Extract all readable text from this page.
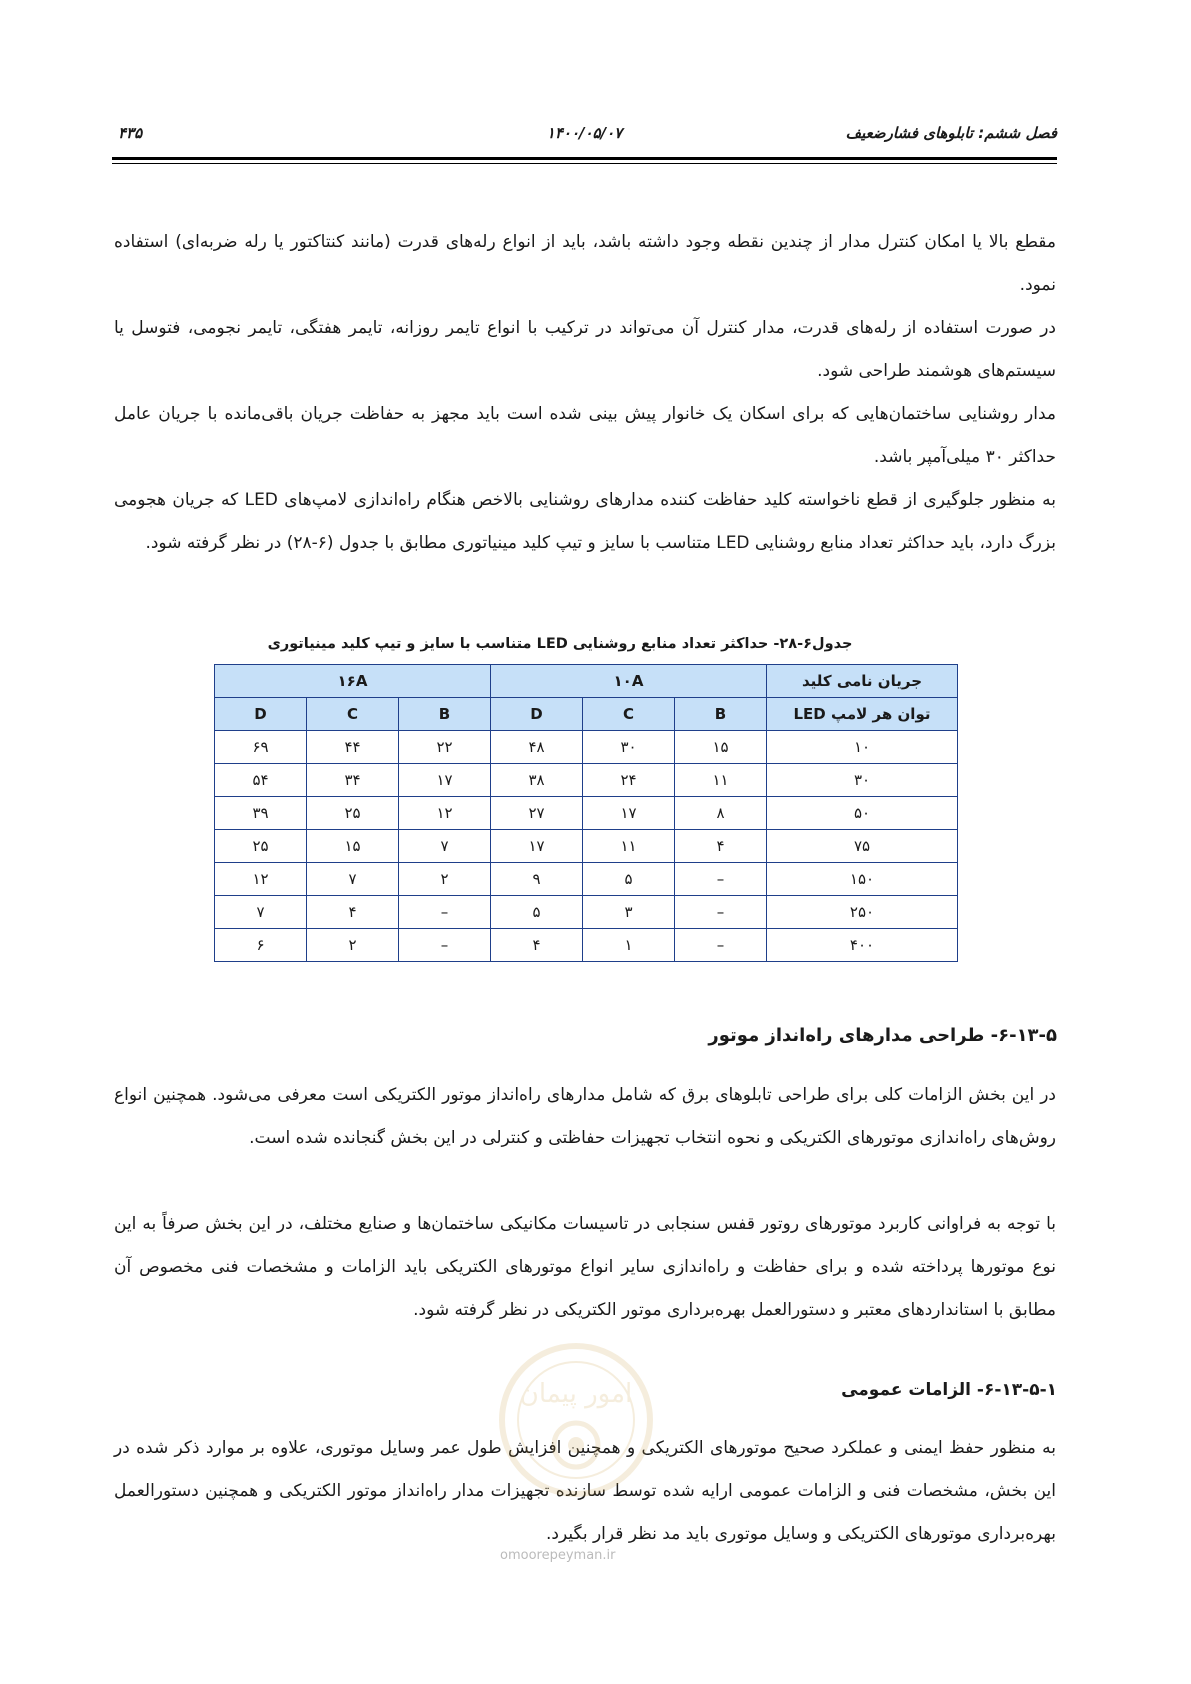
فصل ششم: تابلوهای فشارضعیف
۱۴۰۰/۰۵/۰۷
۴۳۵

مقطع بالا یا امکان کنترل مدار از چندین نقطه وجود داشته باشد، باید از انواع رله‌های قدرت (مانند کنتاکتور یا رله ضربه‌ای) استفاده نمود.

در صورت استفاده از رله‌های قدرت، مدار کنترل آن می‌تواند در ترکیب با انواع تایمر روزانه، تایمر هفتگی، تایمر نجومی، فتوسل یا سیستم‌های هوشمند طراحی شود.

مدار روشنایی ساختمان‌هایی که برای اسکان یک خانوار پیش بینی شده است باید مجهز به حفاظت جریان باقی‌مانده با جریان عامل حداکثر ۳۰ میلی‌آمپر باشد.

به منظور جلوگیری از قطع ناخواسته کلید حفاظت کننده مدارهای روشنایی بالاخص هنگام راه‌اندازی لامپ‌های LED که جریان هجومی بزرگ دارد، باید حداکثر تعداد منابع روشنایی LED متناسب با سایز و تیپ کلید مینیاتوری مطابق با جدول (۶-۲۸) در نظر گرفته شود.

جدول۶-۲۸- حداکثر تعداد منابع روشنایی LED متناسب با سایز و تیپ کلید مینیاتوری

جریان نامی کلید	۱۰A			۱۶A		
توان هر لامپ LED	B	C	D	B	C	D
۱۰	۱۵	۳۰	۴۸	۲۲	۴۴	۶۹
۳۰	۱۱	۲۴	۳۸	۱۷	۳۴	۵۴
۵۰	۸	۱۷	۲۷	۱۲	۲۵	۳۹
۷۵	۴	۱۱	۱۷	۷	۱۵	۲۵
۱۵۰	–	۵	۹	۲	۷	۱۲
۲۵۰	–	۳	۵	–	۴	۷
۴۰۰	–	۱	۴	–	۲	۶
۶-۱۳-۵- طراحی مدارهای راه‌انداز موتور

در این بخش الزامات کلی برای طراحی تابلوهای برق که شامل مدارهای راه‌انداز موتور الکتریکی است معرفی می‌شود. همچنین انواع روش‌های راه‌اندازی موتورهای الکتریکی و نحوه انتخاب تجهیزات حفاظتی و کنترلی در این بخش گنجانده شده است.

با توجه به فراوانی کاربرد موتورهای روتور قفس سنجابی در تاسیسات مکانیکی ساختمان‌ها و صنایع مختلف، در این بخش صرفاً به این نوع موتورها پرداخته شده و برای حفاظت و راه‌اندازی سایر انواع موتورهای الکتریکی باید الزامات و مشخصات فنی مخصوص آن مطابق با استانداردهای معتبر و دستورالعمل بهره‌برداری موتور الکتریکی در نظر گرفته شود.

۶-۱۳-۵-۱- الزامات عمومی

به منظور حفظ ایمنی و عملکرد صحیح موتورهای الکتریکی و همچنین افزایش طول عمر وسایل موتوری، علاوه بر موارد ذکر شده در این بخش، مشخصات فنی و الزامات عمومی ارایه شده توسط سازنده تجهیزات مدار راه‌انداز موتور الکتریکی و همچنین دستورالعمل بهره‌برداری موتورهای الکتریکی و وسایل موتوری باید مد نظر قرار بگیرد.

امور پیمان
omoorepeyman.ir
